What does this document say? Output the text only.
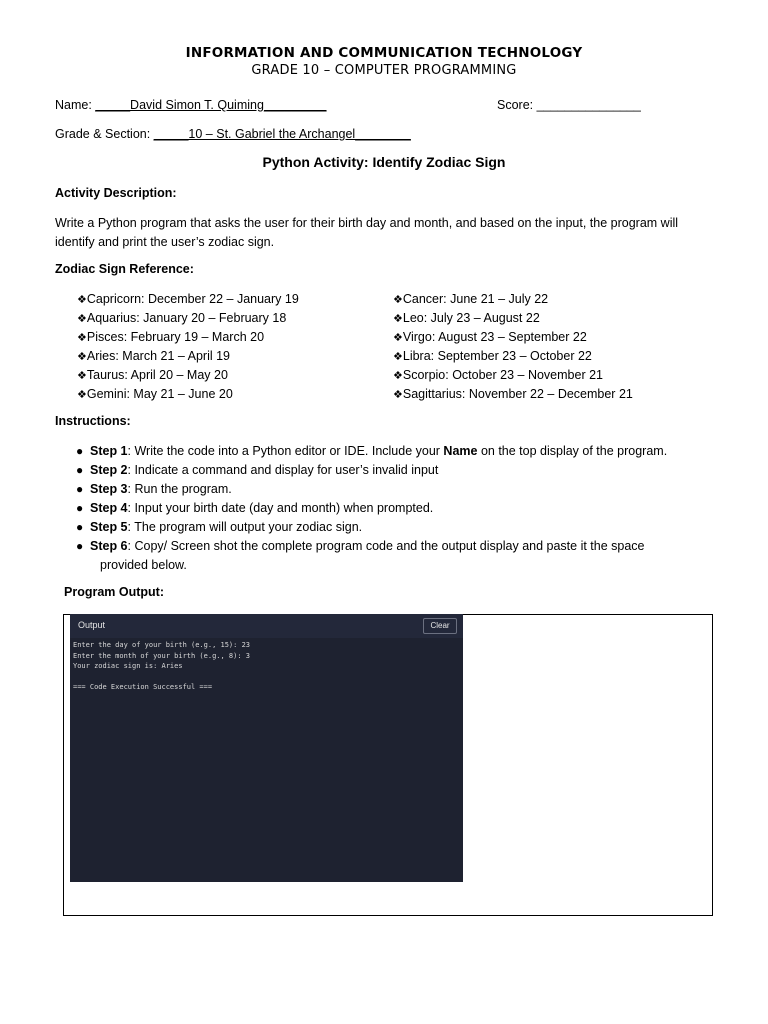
INFORMATION AND COMMUNICATION TECHNOLOGY
GRADE 10 – COMPUTER PROGRAMMING
Name: _____David Simon T. Quiming_________	Score: _______________
Grade & Section: _____10 – St. Gabriel the Archangel________
Python Activity: Identify Zodiac Sign
Activity Description:
Write a Python program that asks the user for their birth day and month, and based on the input, the program will identify and print the user’s zodiac sign.
Zodiac Sign Reference:
❖Capricorn: December 22 – January 19
❖Aquarius: January 20 – February 18
❖Pisces: February 19 – March 20
❖Aries: March 21 – April 19
❖Taurus: April 20 – May 20
❖Gemini: May 21 – June 20
❖Cancer: June 21 – July 22
❖Leo: July 23 – August 22
❖Virgo: August 23 – September 22
❖Libra: September 23 – October 22
❖Scorpio: October 23 – November 21
❖Sagittarius: November 22 – December 21
Instructions:
● Step 1: Write the code into a Python editor or IDE. Include your Name on the top display of the program.
● Step 2: Indicate a command and display for user’s invalid input
● Step 3: Run the program.
● Step 4: Input your birth date (day and month) when prompted.
● Step 5: The program will output your zodiac sign.
● Step 6: Copy/ Screen shot the complete program code and the output display and paste it the space
provided below.
Program Output:
Output	Clear
Enter the day of your birth (e.g., 15): 23
Enter the month of your birth (e.g., 8): 3
Your zodiac sign is: Aries
=== Code Execution Successful ===
